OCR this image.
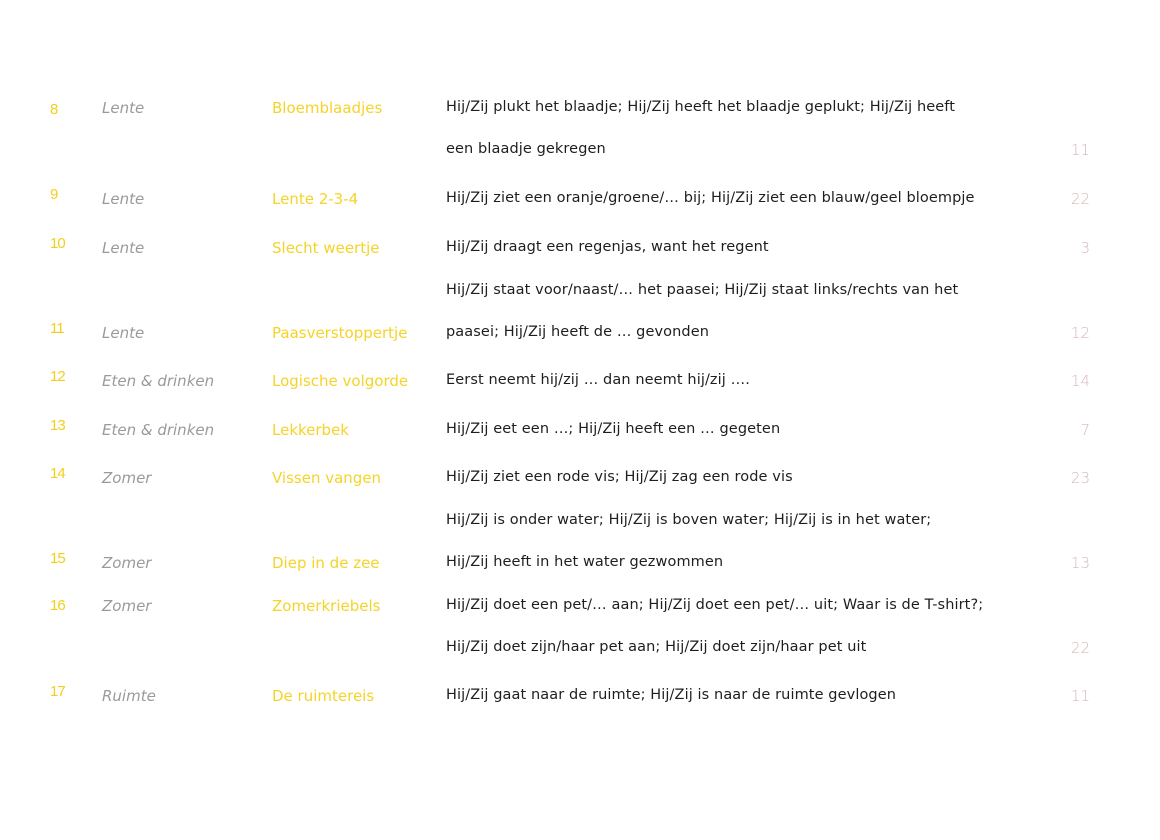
8	Lente	Bloemblaadjes	Hij/Zij plukt het blaadje; Hij/Zij heeft het blaadje geplukt; Hij/Zij heeft
een blaadje gekregen	11
9	Lente	Lente 2-3-4	Hij/Zij ziet een oranje/groene/… bij; Hij/Zij ziet een blauw/geel bloempje	22
10 Lente	Slecht weertje	Hij/Zij draagt een regenjas, want het regent	3
11	Lente	Paasverstoppertje
Hij/Zij staat voor/naast/… het paasei; Hij/Zij staat links/rechts van het
paasei; Hij/Zij heeft de … gevonden	12
12 Eten & drinken	Logische volgorde	Eerst neemt hij/zij … dan neemt hij/zij ….	14
13 Eten & drinken	Lekkerbek	Hij/Zij eet een …; Hij/Zij heeft een … gegeten	7
14 Zomer	Vissen vangen	Hij/Zij ziet een rode vis; Hij/Zij zag een rode vis	23
15 Zomer	Diep in de zee
Hij/Zij is onder water; Hij/Zij is boven water; Hij/Zij is in het water;
Hij/Zij heeft in het water gezwommen	13
16 Zomer	Zomerkriebels	Hij/Zij doet een pet/… aan; Hij/Zij doet een pet/… uit; Waar is de T-shirt?;
Hij/Zij doet zijn/haar pet aan; Hij/Zij doet zijn/haar pet uit	22
17 Ruimte	De ruimtereis	Hij/Zij gaat naar de ruimte; Hij/Zij is naar de ruimte gevlogen	11
